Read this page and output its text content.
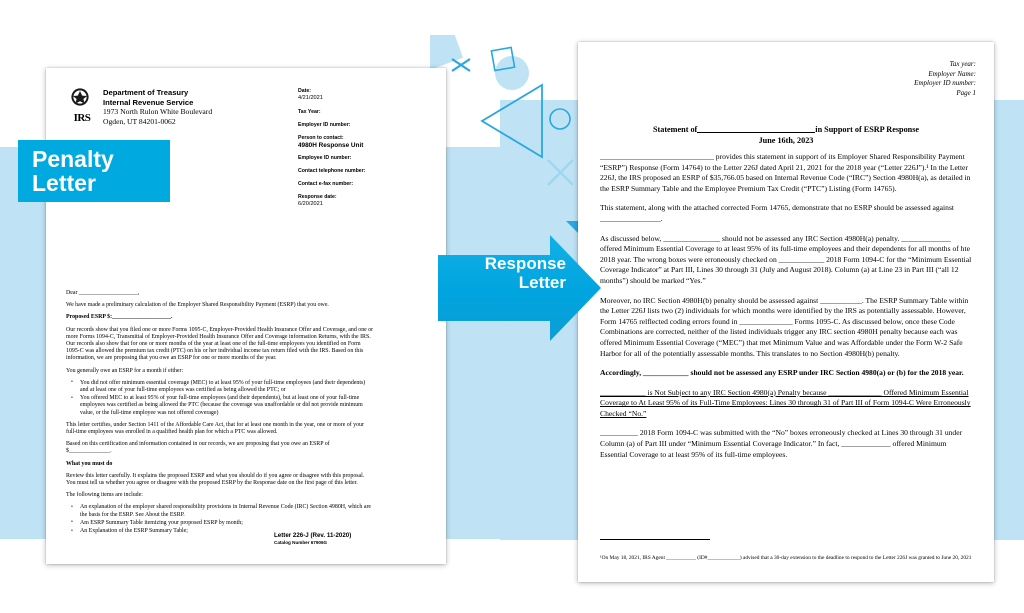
IRS
Department of Treasury
Internal Revenue Service
1973 North Rulon White Boulevard
Ogden, UT 84201-0062
Date:
4/21/2021
Tax Year:
Employer ID number:
Person to contact:
4980H Response Unit
Employee ID number:
Contact telephone number:
Contact e-fax number:
Response date:
6/20/2021

Dear ____________________,

We have made a preliminary calculation of the Employer Shared Responsibility Payment (ESRP) that you owe.

Proposed ESRP $:____________________.

Our records show that you filed one or more Forms 1095-C, Employer-Provided Health Insurance Offer and Coverage, and one or more Forms 1094-C, Transmittal of Employer-Provided Health Insurance Offer and Coverage information Returns, with the IRS. Our records also show that for one or more months of the year at least one of the full-time employees you identified on Form 1095-C was allowed the premium tax credit (PTC) on his or her individual income tax return filed with the IRS. Based on this information, we are proposing that you owe an ESRP for one or more months of the year.

You generally owe an ESRP for a month if either:

• You did not offer minimum essential coverage (MEC) to at least 95% of your full-time employees (and their dependents) and at least one of your full-time employees was certified as being allowed the PTC; or
• You offered MEC to at least 95% of your full-time employees (and their dependents), but at least one of your full-time employees was certified as being allowed the PTC (because the coverage was unaffordable or did not provide minimum value, or the full-time employee was not offered coverage)

This letter certifies, under Section 1411 of the Affordable Care Act, that for at least one month in the year, one or more of your full-time employees was enrolled in a qualified health plan for which a PTC was allowed.

Based on this certification and information contained in our records, we are proposing that you owe an ESRP of $______________.

What you must do

Review this letter carefully. It explains the proposed ESRP and what you should do if you agree or disagree with this proposal. You must tell us whether you agree or disagree with the proposed ESRP by the Response date on the first page of this letter.

The following items are include:

• An explanation of the employer shared responsibility provisions in Internal Revenue Code (IRC) Section 4980H, which are the basis for the ESRP. See About the ESRP.
• Am ESRP Summary Table itemizing your proposed ESRP by month;
• An Explanation of the ESRP Summary Table;
Letter 226-J (Rev. 11-2020)
Catalog Number 67906G
Penalty
Letter
Tax year:
Employer Name:
Employer ID number:
Page 1
Statement of	in Support of ESRP Response
June 16th, 2023

______________________________ provides this statement in support of its Employer Shared Responsibility Payment “ESRP”) Response (Form 14764) to the Letter 226J dated April 21, 2021 for the 2018 year (“Letter 226J”).¹ In the Letter 226J, the IRS proposed an ESRP of $35,766.05 based on Internal Revenue Code (“IRC”) Section 4980H(a), as detailed in the ESRP Summary Table and the Employee Premium Tax Credit (“PTC”) Listing (Form 14765).

This statement, along with the attached corrected Form 14765, demonstrate that no ESRP should be assessed against ________________.

As discussed below, _______________ should not be assessed any IRC Section 4980H(a) penalty. _____________ offered Minimum Essential Coverage to at least 95% of its full-time employees and their dependents for all months of hte 2018 year. The wrong boxes were erroneously checked on ____________ 2018 Form 1094-C for the “Minimum Essential Coverage Indicator” at Part III, Lines 30 through 31 (July and August 2018). Column (a) at Line 23 in Part III (“all 12 months”) should be marked “Yes.”

Moreover, no IRC Section 4980H(b) penalty should be assessed against ___________. The ESRP Summary Table within the Letter 226J lists two (2) individuals for which months were identified by the IRS as potentially assessable. However, Form 14765 relflected coding errors found in ______________ Forms 1095-C. As discussed below, once these Code Combinations are corrected, neither of the listed individuals trigger any IRC section 4980H penalty because each was offered Minimum Essential Coverage (“MEC”) that met Minimum Value and was Affordable under the Form W-2 Safe Harbor for all of the potentially assessable months. This translates to no Section 4980H(b) penalty.

Accordingly, ____________ should not be assessed any ESRP under IRC Section 4980(a) or (b) for the 2018 year.

____________ is Not Subject to any IRC Section 4980(a) Penalty because ______________ Offered Minimum Essential Coverage to At Least 95% of its Full-Time Employees: Lines 30 through 31 of Part III of Form 1094-C Were Erroneously Checked “No.”

__________ 2018 Form 1094-C was submitted with the “No” boxes erroneously checked at Lines 30 through 31 under Column (a) of Part III under “Minimum Essential Coverage Indicator.” In fact, _____________ offered Minimum Essential Coverage to at least 95% of its full-time employees.

¹On May 18, 2021, IRS Agent ___________ (ID#____________) advised that a 30-day extension to the deadline to respond to the Letter 226J was granted to June 20, 2021
Response
Letter
